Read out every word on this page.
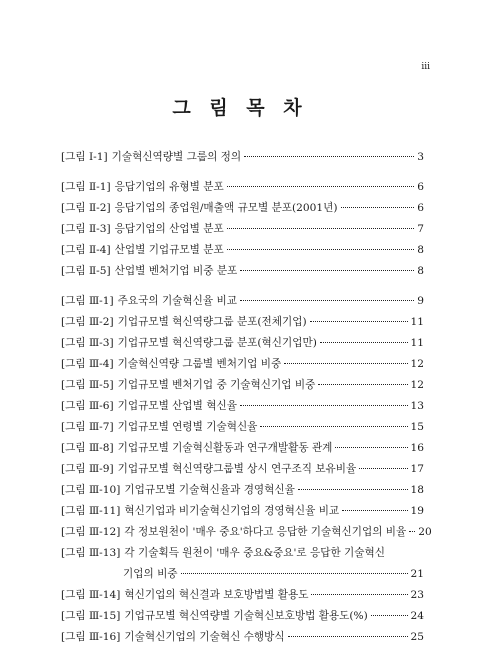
iii
그 림 목 차
[그림 Ⅰ-1] 기술혁신역량별 그룹의 정의	3
[그림 Ⅱ-1] 응답기업의 유형별 분포	6
[그림 Ⅱ-2] 응답기업의 종업원/매출액 규모별 분포(2001년)	6
[그림 Ⅱ-3] 응답기업의 산업별 분포	7
[그림 Ⅱ-4] 산업별 기업규모별 분포	8
[그림 Ⅱ-5] 산업별 벤처기업 비중 분포	8
[그림 Ⅲ-1] 주요국의 기술혁신율 비교	9
[그림 Ⅲ-2] 기업규모별 혁신역량그룹 분포(전체기업)	11
[그림 Ⅲ-3] 기업규모별 혁신역량그룹 분포(혁신기업만)	11
[그림 Ⅲ-4] 기술혁신역량 그룹별 벤처기업 비중	12
[그림 Ⅲ-5] 기업규모별 벤처기업 중 기술혁신기업 비중	12
[그림 Ⅲ-6] 기업규모별 산업별 혁신율	13
[그림 Ⅲ-7] 기업규모별 연령별 기술혁신율	15
[그림 Ⅲ-8] 기업규모별 기술혁신활동과 연구개발활동 관계	16
[그림 Ⅲ-9] 기업규모별 혁신역량그룹별 상시 연구조직 보유비율	17
[그림 Ⅲ-10] 기업규모별 기술혁신율과 경영혁신율	18
[그림 Ⅲ-11] 혁신기업과 비기술혁신기업의 경영혁신율 비교	19
[그림 Ⅲ-12] 각 정보원천이 '매우 중요'하다고 응답한 기술혁신기업의 비율 20
[그림 Ⅲ-13] 각 기술획득 원천이 '매우 중요&중요'로 응답한 기술혁신
기업의 비중	21
[그림 Ⅲ-14] 혁신기업의 혁신결과 보호방법별 활용도	23
[그림 Ⅲ-15] 기업규모별 혁신역량별 기술혁신보호방법 활용도(%)	24
[그림 Ⅲ-16] 기술혁신기업의 기술혁신 수행방식	25
